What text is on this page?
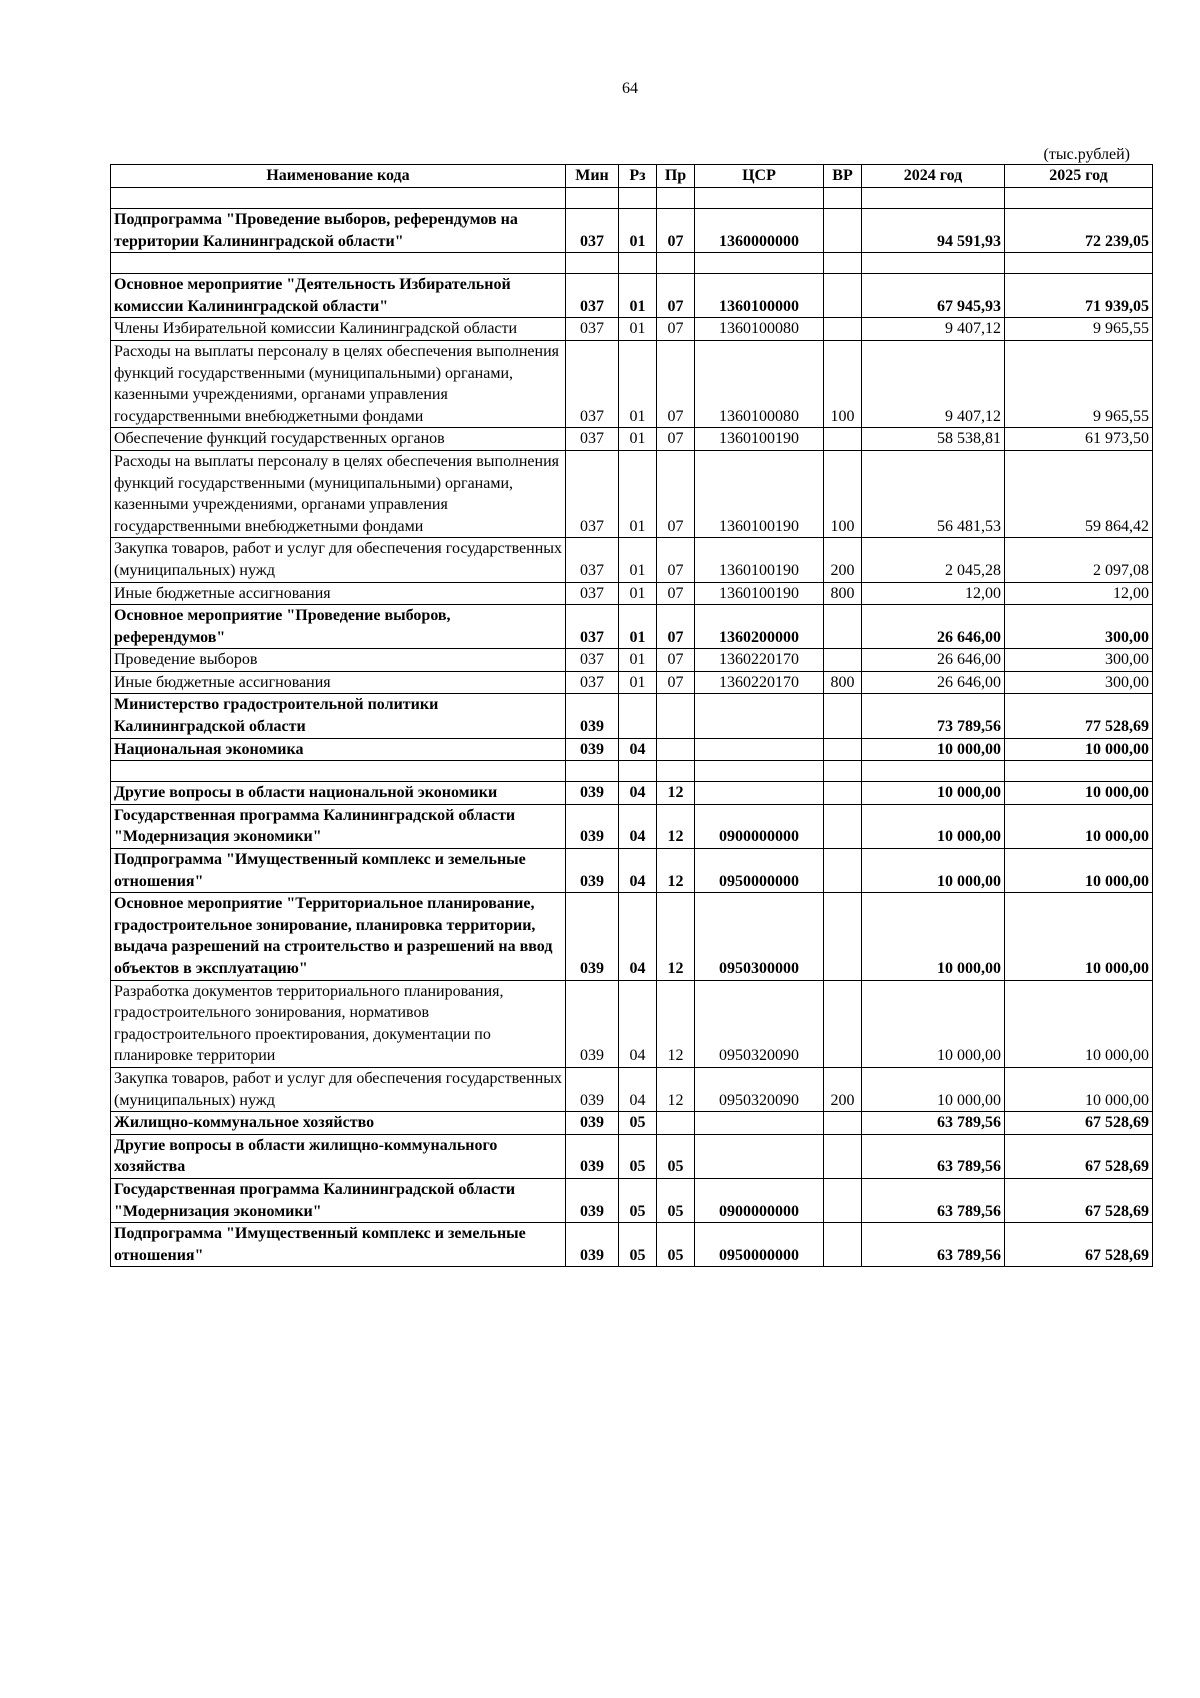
64
(тыс.рублей)
Наименование кода	Мин	Рз	Пр	ЦСР	ВР	2024 год	2025 год

Подпрограмма "Проведение выборов, референдумов на территории Калининградской области"	037	01	07	1360000000		94 591,93	72 239,05

Основное мероприятие "Деятельность Избирательной комиссии Калининградской области"	037	01	07	1360100000		67 945,93	71 939,05
Члены Избирательной комиссии Калининградской области	037	01	07	1360100080		9 407,12	9 965,55
Расходы на выплаты персоналу в целях обеспечения выполнения функций государственными (муниципальными) органами, казенными учреждениями, органами управления государственными внебюджетными фондами	037	01	07	1360100080	100	9 407,12	9 965,55
Обеспечение функций государственных органов	037	01	07	1360100190		58 538,81	61 973,50
Расходы на выплаты персоналу в целях обеспечения выполнения функций государственными (муниципальными) органами, казенными учреждениями, органами управления государственными внебюджетными фондами	037	01	07	1360100190	100	56 481,53	59 864,42
Закупка товаров, работ и услуг для обеспечения государственных (муниципальных) нужд	037	01	07	1360100190	200	2 045,28	2 097,08
Иные бюджетные ассигнования	037	01	07	1360100190	800	12,00	12,00
Основное мероприятие "Проведение выборов, референдумов"	037	01	07	1360200000		26 646,00	300,00
Проведение выборов	037	01	07	1360220170		26 646,00	300,00
Иные бюджетные ассигнования	037	01	07	1360220170	800	26 646,00	300,00
Министерство градостроительной политики Калининградской области	039					73 789,56	77 528,69
Национальная экономика	039	04				10 000,00	10 000,00

Другие вопросы в области национальной экономики	039	04	12			10 000,00	10 000,00
Государственная программа Калининградской области "Модернизация экономики"	039	04	12	0900000000		10 000,00	10 000,00
Подпрограмма "Имущественный комплекс и земельные отношения"	039	04	12	0950000000		10 000,00	10 000,00
Основное мероприятие "Территориальное планирование, градостроительное зонирование, планировка территории, выдача разрешений на строительство и разрешений на ввод объектов в эксплуатацию"	039	04	12	0950300000		10 000,00	10 000,00
Разработка документов территориального планирования, градостроительного зонирования, нормативов градостроительного проектирования, документации по планировке территории	039	04	12	0950320090		10 000,00	10 000,00
Закупка товаров, работ и услуг для обеспечения государственных (муниципальных) нужд	039	04	12	0950320090	200	10 000,00	10 000,00
Жилищно-коммунальное хозяйство	039	05				63 789,56	67 528,69
Другие вопросы в области жилищно-коммунального хозяйства	039	05	05			63 789,56	67 528,69
Государственная программа Калининградской области "Модернизация экономики"	039	05	05	0900000000		63 789,56	67 528,69
Подпрограмма "Имущественный комплекс и земельные отношения"	039	05	05	0950000000		63 789,56	67 528,69
